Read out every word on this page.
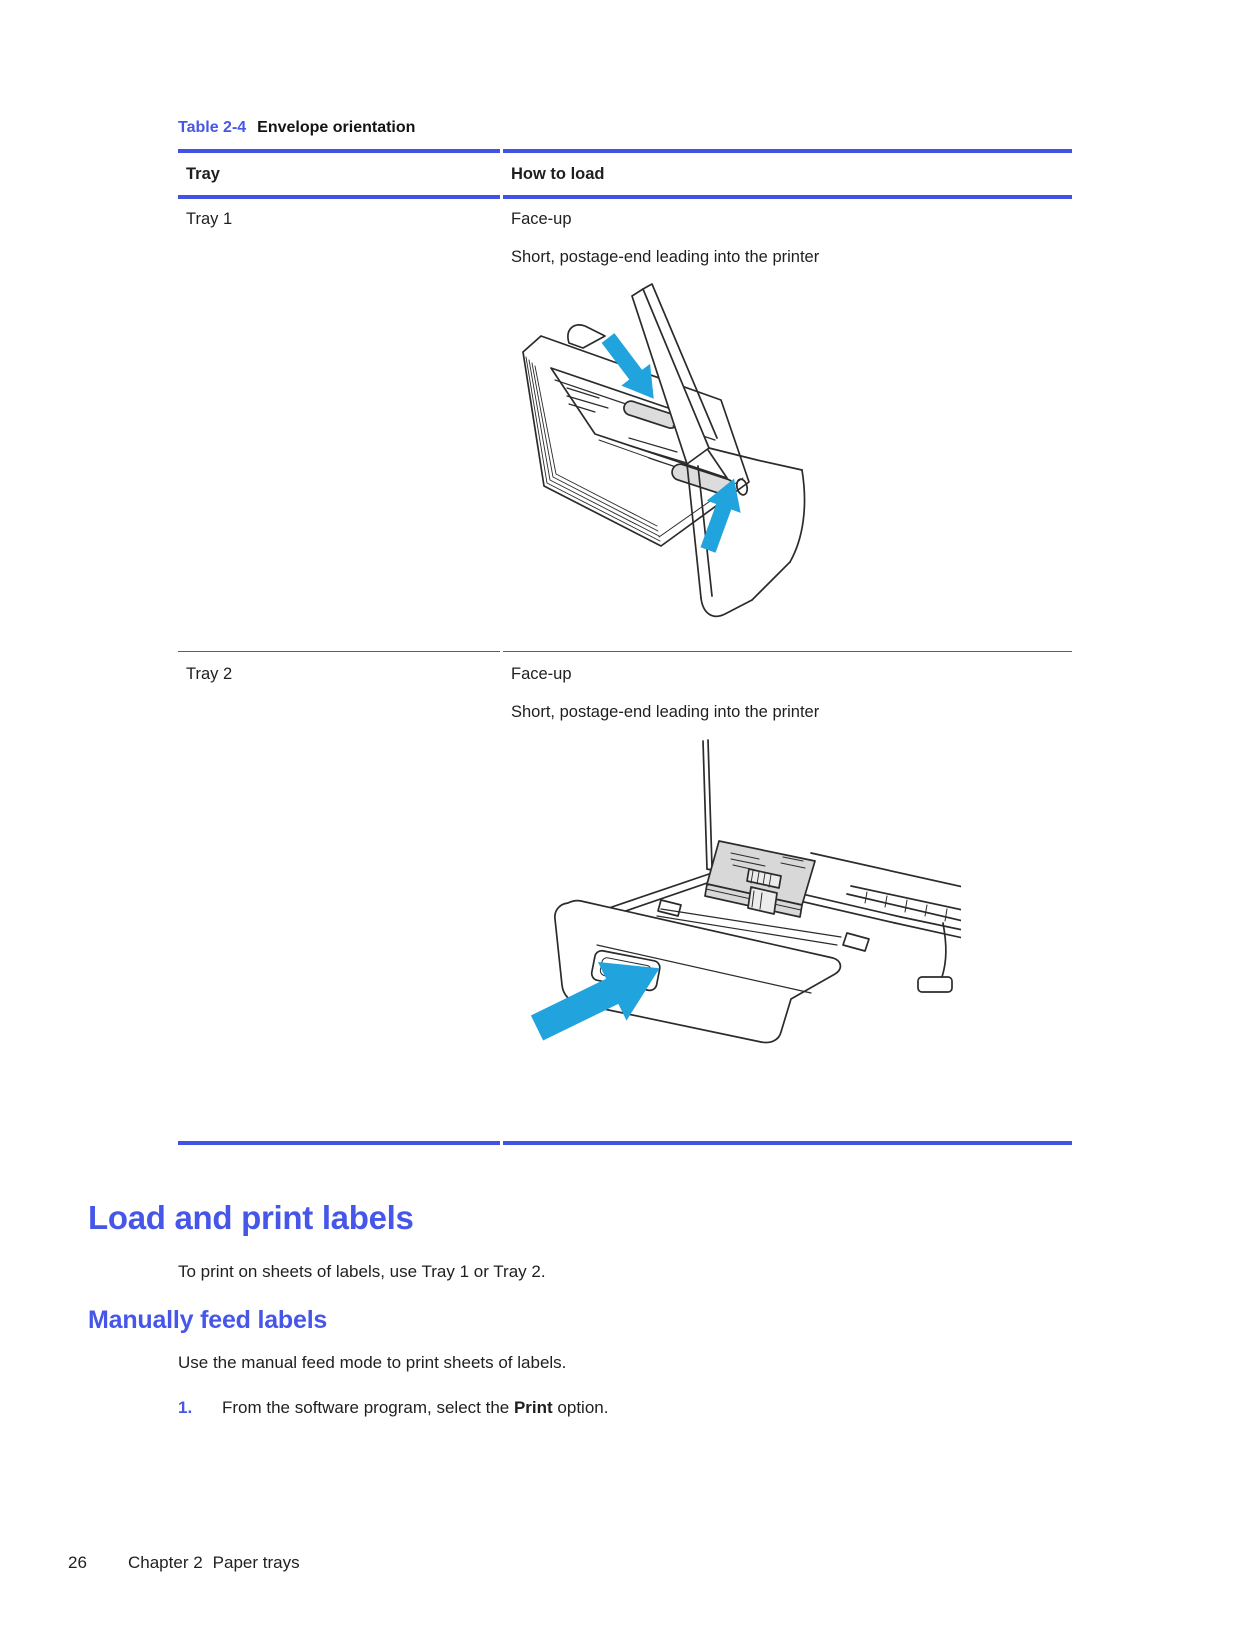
Table 2-4 Envelope orientation

Tray	How to load

Tray 1	Face-up

Short, postage-end leading into the printer

Tray 2	Face-up

Short, postage-end leading into the printer

Load and print labels

To print on sheets of labels, use Tray 1 or Tray 2.

Manually feed labels

Use the manual feed mode to print sheets of labels.

1.	From the software program, select the Print option.
26 Chapter 2 Paper trays
